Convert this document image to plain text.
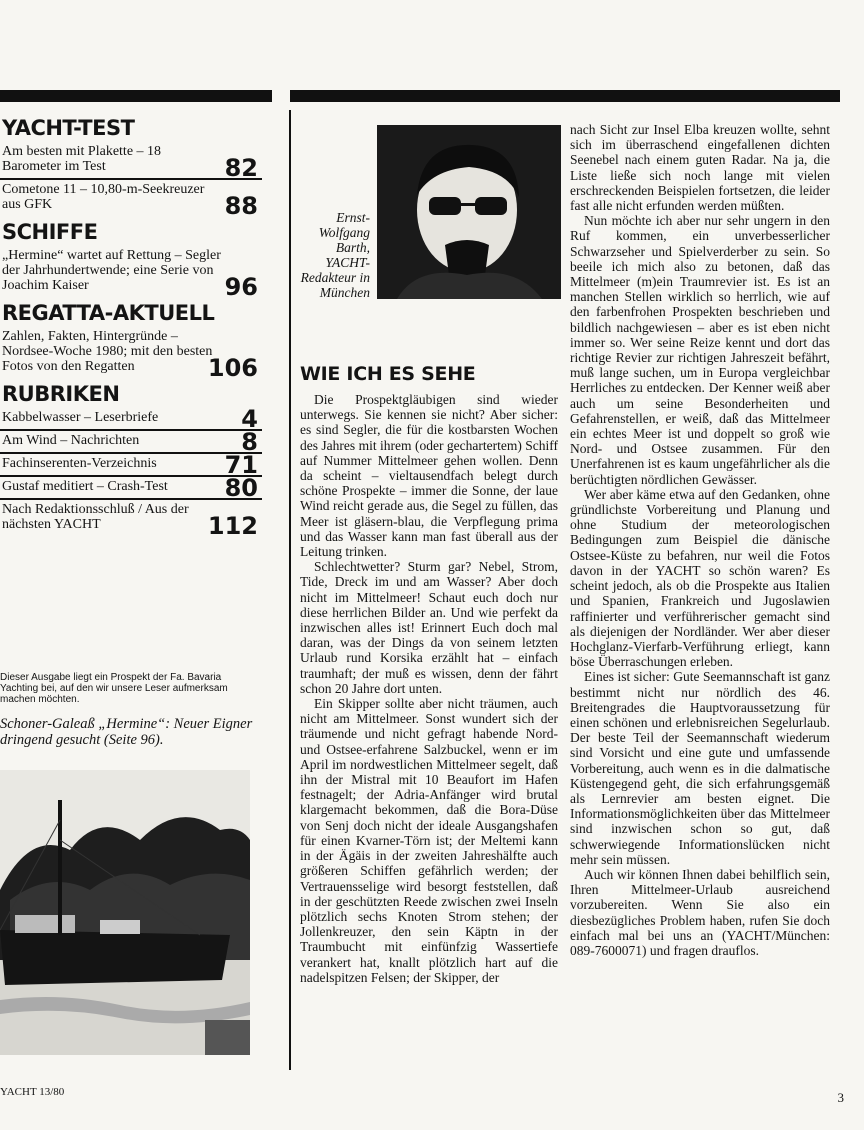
YACHT-TEST
Am besten mit Plakette – 18 Barometer im Test	82
Cometone 11 – 10,80-m-Seekreuzer aus GFK	88
SCHIFFE
„Hermine“ wartet auf Rettung – Segler der Jahrhundertwende; eine Serie von Joachim Kaiser	96
REGATTA-AKTUELL
Zahlen, Fakten, Hintergründe – Nordsee-Woche 1980; mit den besten Fotos von den Regatten	106
RUBRIKEN
Kabbelwasser – Leserbriefe	4
Am Wind – Nachrichten	8
Fachinserenten-Verzeichnis	71
Gustaf meditiert – Crash-Test 80
Nach Redaktionsschluß / Aus der nächsten YACHT	112
Dieser Ausgabe liegt ein Prospekt der Fa. Bavaria Yachting bei, auf den wir unsere Leser aufmerksam machen möchten.
Schoner-Galeaß „Hermine“: Neuer Eigner dringend gesucht (Seite 96).
YACHT 13/80	3
Ernst-Wolfgang Barth, YACHT-Redakteur in München
WIE ICH ES SEHE

Die Prospektgläubigen sind wieder unterwegs. Sie kennen sie nicht? Aber sicher: es sind Segler, die für die kostbarsten Wochen des Jahres mit ihrem (oder gechartertem) Schiff auf Nummer Mittelmeer gehen wollen. Denn da scheint – vieltausendfach belegt durch schöne Prospekte – immer die Sonne, der laue Wind reicht gerade aus, die Segel zu füllen, das Meer ist gläsern-blau, die Verpflegung prima und das Wasser kann man fast überall aus der Leitung trinken.

Schlechtwetter? Sturm gar? Nebel, Strom, Tide, Dreck im und am Wasser? Aber doch nicht im Mittelmeer! Schaut euch doch nur diese herrlichen Bilder an. Und wie perfekt da inzwischen alles ist! Erinnert Euch doch mal daran, was der Dings da von seinem letzten Urlaub rund Korsika erzählt hat – einfach traumhaft; der muß es wissen, denn der fährt schon 20 Jahre dort unten.

Ein Skipper sollte aber nicht träumen, auch nicht am Mittelmeer. Sonst wundert sich der träumende und nicht gefragt habende Nord- und Ostsee-erfahrene Salzbuckel, wenn er im April im nordwestlichen Mittelmeer segelt, daß ihn der Mistral mit 10 Beaufort im Hafen festnagelt; der Adria-Anfänger wird brutal klargemacht bekommen, daß die Bora-Düse von Senj doch nicht der ideale Ausgangshafen für einen Kvarner-Törn ist; der Meltemi kann in der Ägäis in der zweiten Jahreshälfte auch größeren Schiffen gefährlich werden; der Vertrauensselige wird besorgt feststellen, daß in der geschützten Reede zwischen zwei Inseln plötzlich sechs Knoten Strom stehen; der Jollenkreuzer, den sein Käptn in der Traumbucht mit einfünfzig Wassertiefe verankert hat, knallt plötzlich hart auf die nadelspitzen Felsen; der Skipper, der

nach Sicht zur Insel Elba kreuzen wollte, sehnt sich im überraschend eingefallenen dichten Seenebel nach einem guten Radar. Na ja, die Liste ließe sich noch lange mit vielen erschreckenden Beispielen fortsetzen, die leider fast alle nicht erfunden werden müßten.

Nun möchte ich aber nur sehr ungern in den Ruf kommen, ein unverbesserlicher Schwarzseher und Spielverderber zu sein. So beeile ich mich also zu betonen, daß das Mittelmeer (m)ein Traumrevier ist. Es ist an manchen Stellen wirklich so herrlich, wie auf den farbenfrohen Prospekten beschrieben und bildlich nachgewiesen – aber es ist eben nicht immer so. Wer seine Reize kennt und dort das richtige Revier zur richtigen Jahreszeit befährt, muß lange suchen, um in Europa vergleichbar Herrliches zu entdecken. Der Kenner weiß aber auch um seine Besonderheiten und Gefahrenstellen, er weiß, daß das Mittelmeer ein echtes Meer ist und doppelt so groß wie Nord- und Ostsee zusammen. Für den Unerfahrenen ist es kaum ungefährlicher als die berüchtigten nördlichen Gewässer.

Wer aber käme etwa auf den Gedanken, ohne gründlichste Vorbereitung und Planung und ohne Studium der meteorologischen Bedingungen zum Beispiel die dänische Ostsee-Küste zu befahren, nur weil die Fotos davon in der YACHT so schön waren? Es scheint jedoch, als ob die Prospekte aus Italien und Spanien, Frankreich und Jugoslawien raffinierter und verführerischer gemacht sind als diejenigen der Nordländer. Wer aber dieser Hochglanz-Vierfarb-Verführung erliegt, kann böse Überraschungen erleben.

Eines ist sicher: Gute Seemannschaft ist ganz bestimmt nicht nur nördlich des 46. Breitengrades die Hauptvoraussetzung für einen schönen und erlebnisreichen Segelurlaub. Der beste Teil der Seemannschaft wiederum sind Vorsicht und eine gute und umfassende Vorbereitung, auch wenn es in die dalmatische Küstengegend geht, die sich erfahrungsgemäß als Lernrevier am besten eignet. Die Informationsmöglichkeiten über das Mittelmeer sind inzwischen schon so gut, daß schwerwiegende Informationslücken nicht mehr sein müssen.

Auch wir können Ihnen dabei behilflich sein, Ihren Mittelmeer-Urlaub ausreichend vorzubereiten. Wenn Sie also ein diesbezügliches Problem haben, rufen Sie doch einfach mal bei uns an (YACHT/München: 089-7600071) und fragen drauflos.
